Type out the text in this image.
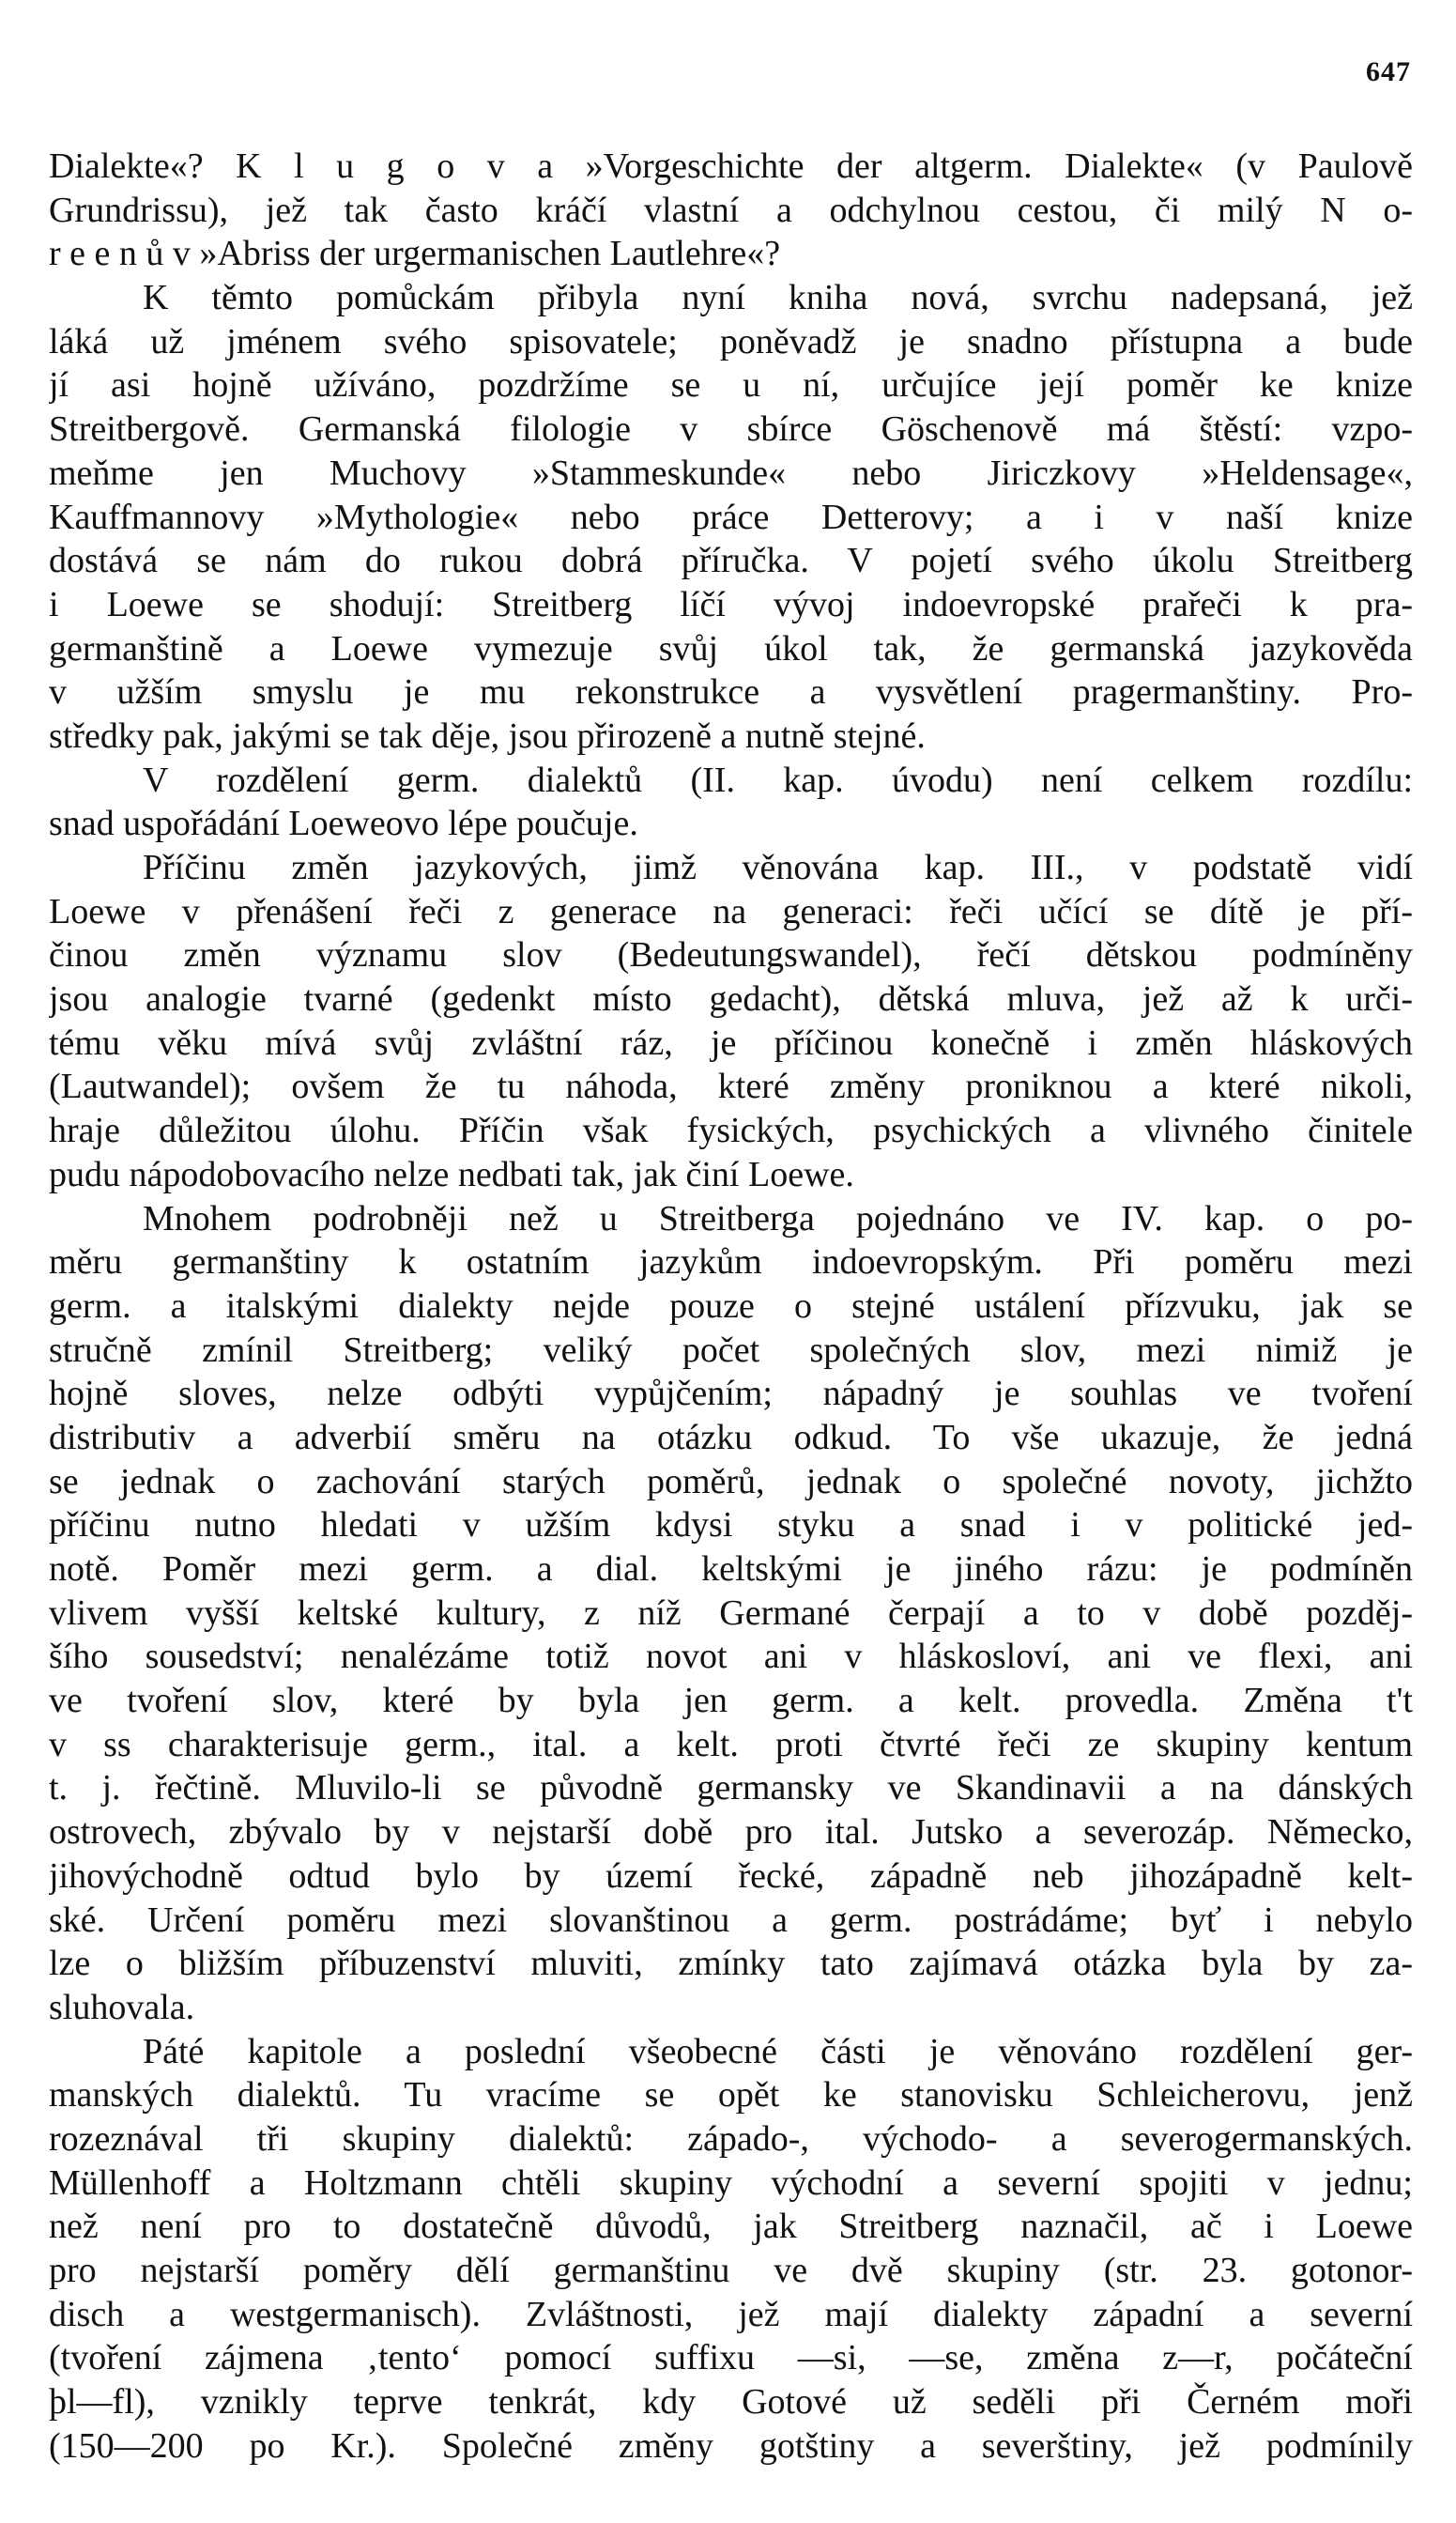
647
Dialekte«? K l u g o v a »Vorgeschichte der altgerm. Dialekte« (v Paulově
Grundrissu), jež tak často kráčí vlastní a odchylnou cestou, či milý N o-
r e e n ů v »Abriss der urgermanischen Lautlehre«?
K těmto pomůckám přibyla nyní kniha nová, svrchu nadepsaná, jež
láká už jménem svého spisovatele; poněvadž je snadno přístupna a bude
jí asi hojně užíváno, pozdržíme se u ní, určujíce její poměr ke knize
Streitbergově. Germanská filologie v sbírce Göschenově má štěstí: vzpo-
meňme jen Muchovy »Stammeskunde« nebo Jiriczkovy »Heldensage«,
Kauffmannovy »Mythologie« nebo práce Detterovy; a i v naší knize
dostává se nám do rukou dobrá příručka. V pojetí svého úkolu Streitberg
i Loewe se shodují: Streitberg líčí vývoj indoevropské prařeči k pra-
germanštině a Loewe vymezuje svůj úkol tak, že germanská jazykověda
v užším smyslu je mu rekonstrukce a vysvětlení pragermanštiny. Pro-
středky pak, jakými se tak děje, jsou přirozeně a nutně stejné.
V rozdělení germ. dialektů (II. kap. úvodu) není celkem rozdílu:
snad uspořádání Loeweovo lépe poučuje.
Příčinu změn jazykových, jimž věnována kap. III., v podstatě vidí
Loewe v přenášení řeči z generace na generaci: řeči učící se dítě je pří-
činou změn významu slov (Bedeutungswandel), řečí dětskou podmíněny
jsou analogie tvarné (gedenkt místo gedacht), dětská mluva, jež až k urči-
tému věku mívá svůj zvláštní ráz, je příčinou konečně i změn hláskových
(Lautwandel); ovšem že tu náhoda, které změny proniknou a které nikoli,
hraje důležitou úlohu. Příčin však fysických, psychických a vlivného činitele
pudu nápodobovacího nelze nedbati tak, jak činí Loewe.
Mnohem podrobněji než u Streitberga pojednáno ve IV. kap. o po-
měru germanštiny k ostatním jazykům indoevropským. Při poměru mezi
germ. a italskými dialekty nejde pouze o stejné ustálení přízvuku, jak se
stručně zmínil Streitberg; veliký počet společných slov, mezi nimiž je
hojně sloves, nelze odbýti vypůjčením; nápadný je souhlas ve tvoření
distributiv a adverbií směru na otázku odkud. To vše ukazuje, že jedná
se jednak o zachování starých poměrů, jednak o společné novoty, jichžto
příčinu nutno hledati v užším kdysi styku a snad i v politické jed-
notě. Poměr mezi germ. a dial. keltskými je jiného rázu: je podmíněn
vlivem vyšší keltské kultury, z níž Germané čerpají a to v době pozděj-
šího sousedství; nenalézáme totiž novot ani v hláskosloví, ani ve flexi, ani
ve tvoření slov, které by byla jen germ. a kelt. provedla. Změna t't
v ss charakterisuje germ., ital. a kelt. proti čtvrté řeči ze skupiny kentum
t. j. řečtině. Mluvilo-li se původně germansky ve Skandinavii a na dánských
ostrovech, zbývalo by v nejstarší době pro ital. Jutsko a severozáp. Německo,
jihovýchodně odtud bylo by území řecké, západně neb jihozápadně kelt-
ské. Určení poměru mezi slovanštinou a germ. postrádáme; byť i nebylo
lze o bližším příbuzenství mluviti, zmínky tato zajímavá otázka byla by za-
sluhovala.
Páté kapitole a poslední všeobecné části je věnováno rozdělení ger-
manských dialektů. Tu vracíme se opět ke stanovisku Schleicherovu, jenž
rozeznával tři skupiny dialektů: západo-, východo- a severogermanských.
Müllenhoff a Holtzmann chtěli skupiny východní a severní spojiti v jednu;
než není pro to dostatečně důvodů, jak Streitberg naznačil, ač i Loewe
pro nejstarší poměry dělí germanštinu ve dvě skupiny (str. 23. gotonor-
disch a westgermanisch). Zvláštnosti, jež mají dialekty západní a severní
(tvoření zájmena ‚tento‘ pomocí suffixu —si, —se, změna z—r, počáteční
þl—fl), vznikly teprve tenkrát, kdy Gotové už seděli při Černém moři
(150—200 po Kr.). Společné změny gotštiny a severštiny, jež podmínily
